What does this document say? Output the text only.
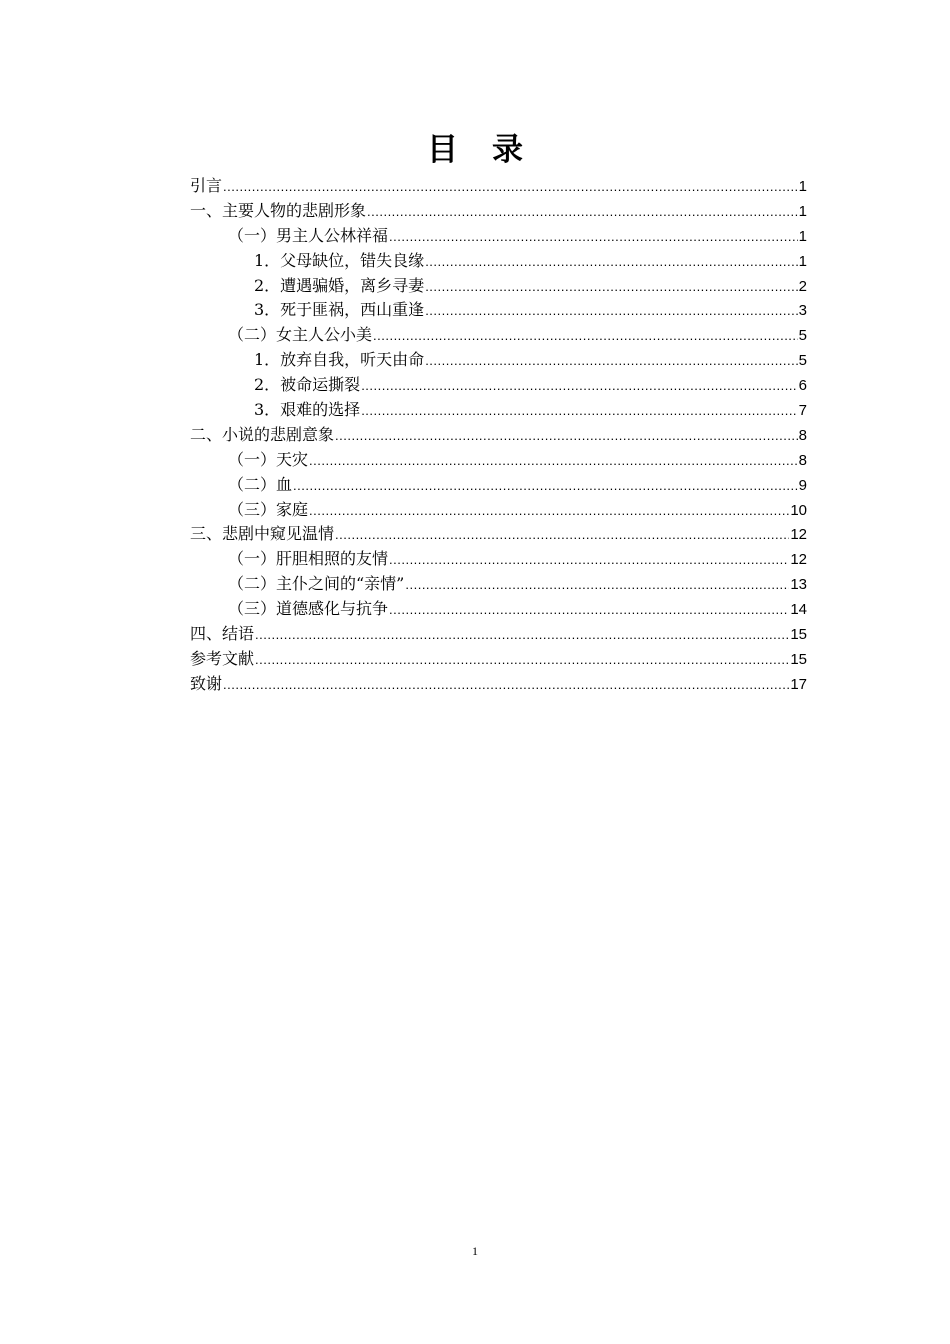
目录
引言 .....	1
一、主要人物的悲剧形象 .....	1
（一）男主人公林祥福 .....	1
1．父母缺位，错失良缘 .....	1
2．遭遇骗婚，离乡寻妻 .....	2
3．死于匪祸，西山重逢 .....	3
（二）女主人公小美 .....	5
1．放弃自我，听天由命 .....	5
2．被命运撕裂 .....	6
3．艰难的选择 .....	7
二、小说的悲剧意象 .....	8
（一）天灾 .....	8
（二）血 .....	9
（三）家庭 .....	10
三、悲剧中窥见温情 .....	12
（一）肝胆相照的友情 .....	12
（二）主仆之间的“亲情” .....	13
（三）道德感化与抗争 .....	14
四、结语 .....	15
参考文献 .....	15
致谢 .....	17
1
